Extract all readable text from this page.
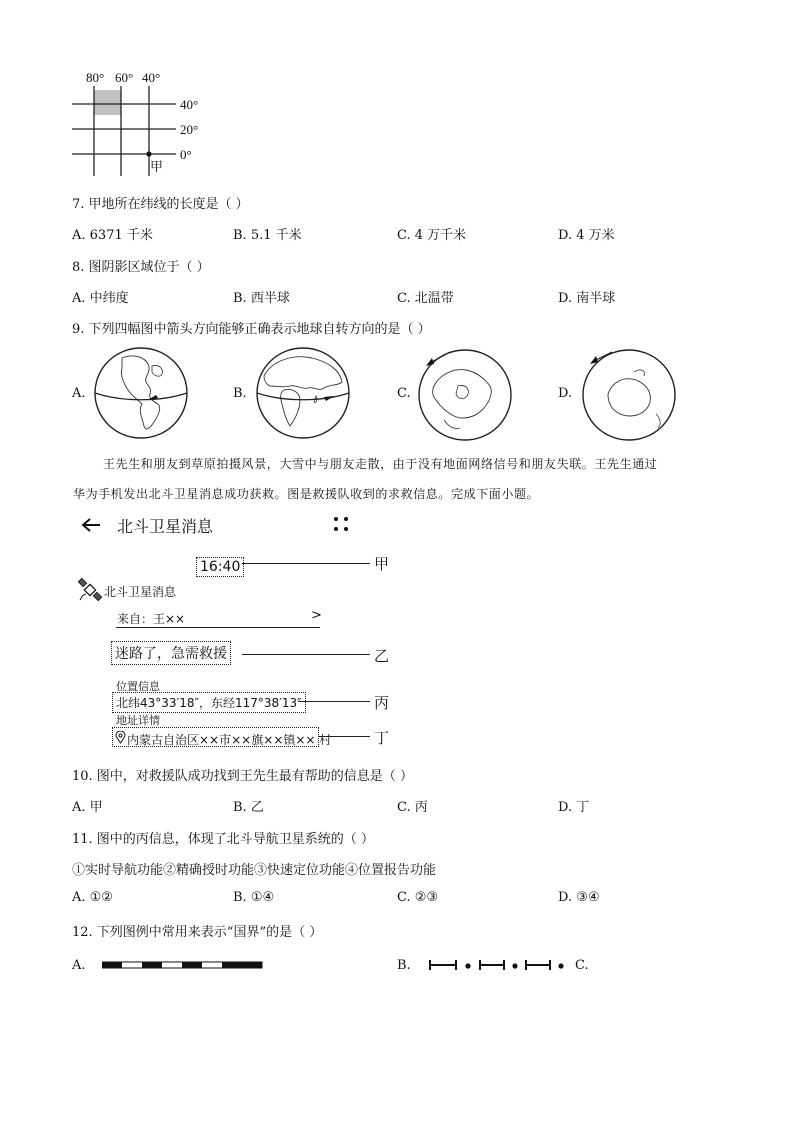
80° 60° 40°
40°
20°
0°
甲
7. 甲地所在纬线的长度是（ ）
A. 6371 千米	B. 5.1 千米	C. 4 万千米	D. 4 万米
8. 图阴影区域位于（ ）
A. 中纬度	B. 西半球	C. 北温带	D. 南半球
9. 下列四幅图中箭头方向能够正确表示地球自转方向的是（ ）
A.	B.	C.	D.
王先生和朋友到草原拍摄风景，大雪中与朋友走散，由于没有地面网络信号和朋友失联。王先生通过
华为手机发出北斗卫星消息成功获救。图是救援队收到的求救信息。完成下面小题。
北斗卫星消息
16:40	甲
北斗卫星消息
来自：王××	>
迷路了，急需救援	乙
位置信息
北纬43°33′18″，东经117°38′13″	丙
地址详情
内蒙古自治区××市××旗××镇×× 村	丁
10. 图中，对救援队成功找到王先生最有帮助的信息是（ ）
A. 甲	B. 乙	C. 丙	D. 丁
11. 图中的丙信息，体现了北斗导航卫星系统的（ ）
①实时导航功能②精确授时功能③快速定位功能④位置报告功能
A. ①②	B. ①④	C. ②③	D. ③④
12. 下列图例中常用来表示“国界”的是（ ）
A.	B.	C.
